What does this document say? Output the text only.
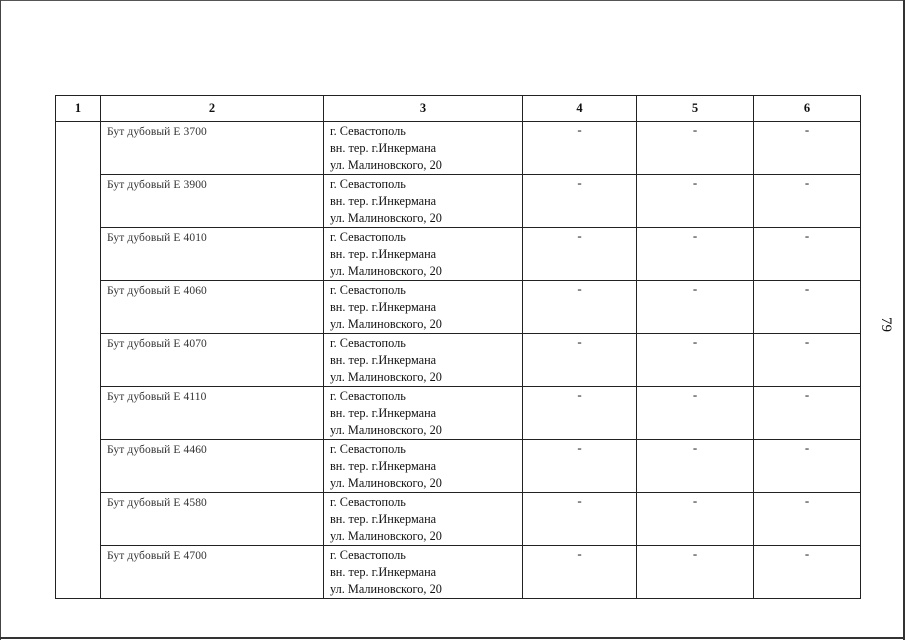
79
1	2	3	4	5	6

	Бут дубовый Е 3700	г. Севастополь
вн. тер. г.Инкермана
ул. Малиновского, 20	-	-	-

	Бут дубовый Е 3900	г. Севастополь
вн. тер. г.Инкермана
ул. Малиновского, 20	-	-	-

	Бут дубовый Е 4010	г. Севастополь
вн. тер. г.Инкермана
ул. Малиновского, 20	-	-	-

	Бут дубовый Е 4060	г. Севастополь
вн. тер. г.Инкермана
ул. Малиновского, 20	-	-	-

	Бут дубовый Е 4070	г. Севастополь
вн. тер. г.Инкермана
ул. Малиновского, 20	-	-	-

	Бут дубовый Е 4110	г. Севастополь
вн. тер. г.Инкермана
ул. Малиновского, 20	-	-	-

	Бут дубовый Е 4460	г. Севастополь
вн. тер. г.Инкермана
ул. Малиновского, 20	-	-	-

	Бут дубовый Е 4580	г. Севастополь
вн. тер. г.Инкермана
ул. Малиновского, 20	-	-	-

	Бут дубовый Е 4700	г. Севастополь
вн. тер. г.Инкермана
ул. Малиновского, 20	-	-	-
